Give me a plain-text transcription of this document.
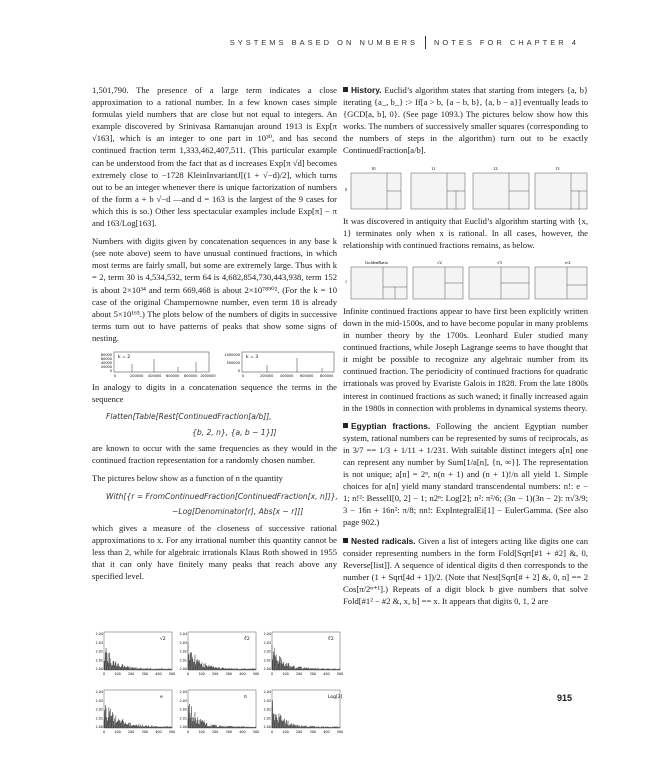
SYSTEMS BASED ON NUMBERS NOTES FOR CHAPTER 4

1,501,790. The presence of a large term indicates a close approximation to a rational number. In a few known cases simple formulas yield numbers that are close but not equal to integers. An example discovered by Srinivasa Ramanujan around 1913 is Exp[π √163], which is an integer to one part in 10³⁰, and has second continued fraction term 1,333,462,407,511. (This particular example can be understood from the fact that as d increases Exp[π √d] becomes extremely close to −1728 KleinInvariantJ[(1 + √−d)/2], which turns out to be an integer whenever there is unique factorization of numbers of the form a + b √−d —and d = 163 is the largest of the 9 cases for which this is so.) Other less spectacular examples include Exp[π] − π and 163/Log[163].

Numbers with digits given by concatenation sequences in any base k (see note above) seem to have unusual continued fractions, in which most terms are fairly small, but some are extremely large. Thus with k = 2, term 30 is 4,534,532, term 64 is 4,682,854,730,443,938, term 152 is about 2×10³⁴ and term 669,468 is about 2×10⁷⁸⁹⁰². (For the k = 10 case of the original Champernowne number, even term 18 is already about 5×10¹⁶⁵.) The plots below of the numbers of digits in successive terms turn out to have patterns of peaks that show some signs of nesting.

k = 2
80000
60000
40000
20000
0
0	200000 400000 600000 800000 1000000
k = 3
1000000
500000
0
0	200000 400000 600000 800000

In analogy to digits in a concatenation sequence the terms in the sequence

Flatten[Table[Rest[ContinuedFraction[a/b]],
{b, 2, n}, {a, b − 1}]]

are known to occur with the same frequencies as they would in the continued fraction representation for a randomly chosen number.

The pictures below show as a function of n the quantity

With[{r = FromContinuedFraction[ContinuedFraction[x, n]]},
−Log[Denominator[r], Abs[x − r]]]

which gives a measure of the closeness of successive rational approximations to x. For any irrational number this quantity cannot be less than 2, while for algebraic irrationals Klaus Roth showed in 1955 that it can only have finitely many peaks that reach above any specified level.

2.04
2.03
2.02
2.01
2.00
0	100 200 300 400 500
√2
2.04
2.03
2.02
2.01
2.00
0	100 200 300 400 500
∛2
2.04
2.03
2.02
2.01
2.00
0	100 200 300 400 500
∜2
2.04
2.03
2.02
2.01
2.00
0	100 200 300 400 500
e
2.04
2.03
2.02
2.01
2.00
0	100 200 300 400 500
π
2.04
2.03
2.02
2.01
2.00
0	100 200 300 400 500
Log[2]

History. Euclid’s algorithm states that starting from integers {a, b} iterating {a_, b_} :> If[a > b, {a − b, b}, {a, b − a}] eventually leads to {GCD[a, b], 0}. (See page 1093.) The pictures below show how this works. The numbers of successively smaller squares (corresponding to the numbers of steps in the algorithm) turn out to be exactly ContinuedFraction[a/b].

8
10	11	12	13

It was discovered in antiquity that Euclid’s algorithm starting with {x, 1} terminates only when x is rational. In all cases, however, the relationship with continued fractions remains, as below.

1
GoldenRatio	√2	√3	e/2

Infinite continued fractions appear to have first been explicitly written down in the mid-1500s, and to have become popular in many problems in number theory by the 1700s. Leonhard Euler studied many continued fractions, while Joseph Lagrange seems to have thought that it might be possible to recognize any algebraic number from its continued fraction. The periodicity of continued fractions for quadratic irrationals was proved by Evariste Galois in 1828. From the late 1800s interest in continued fractions as such waned; it finally increased again in the 1980s in connection with problems in dynamical systems theory.

Egyptian fractions. Following the ancient Egyptian number system, rational numbers can be represented by sums of reciprocals, as in 3/7 == 1/3 + 1/11 + 1/231. With suitable distinct integers a[n] one can represent any number by Sum[1/a[n], {n, ∞}]. The representation is not unique; a[n] = 2ⁿ, n(n + 1) and (n + 1)!/n all yield 1. Simple choices for a[n] yield many standard transcendental numbers: n!: e − 1; n!²: BesselI[0, 2] − 1; n2ⁿ: Log[2]; n²: π²/6; (3n − 1)(3n − 2): π√3/9; 3 − 16n + 16n²: π/8; nn!: ExpIntegralEi[1] − EulerGamma. (See also page 902.)

Nested radicals. Given a list of integers acting like digits one can consider representing numbers in the form Fold[Sqrt[#1 + #2] &, 0, Reverse[list]]. A sequence of identical digits d then corresponds to the number (1 + Sqrt[4d + 1])/2. (Note that Nest[Sqrt[# + 2] &, 0, n] == 2 Cos[π/2ⁿ⁺¹].) Repeats of a digit block b give numbers that solve Fold[#1² − #2 &, x, b] == x. It appears that digits 0, 1, 2 are

915
